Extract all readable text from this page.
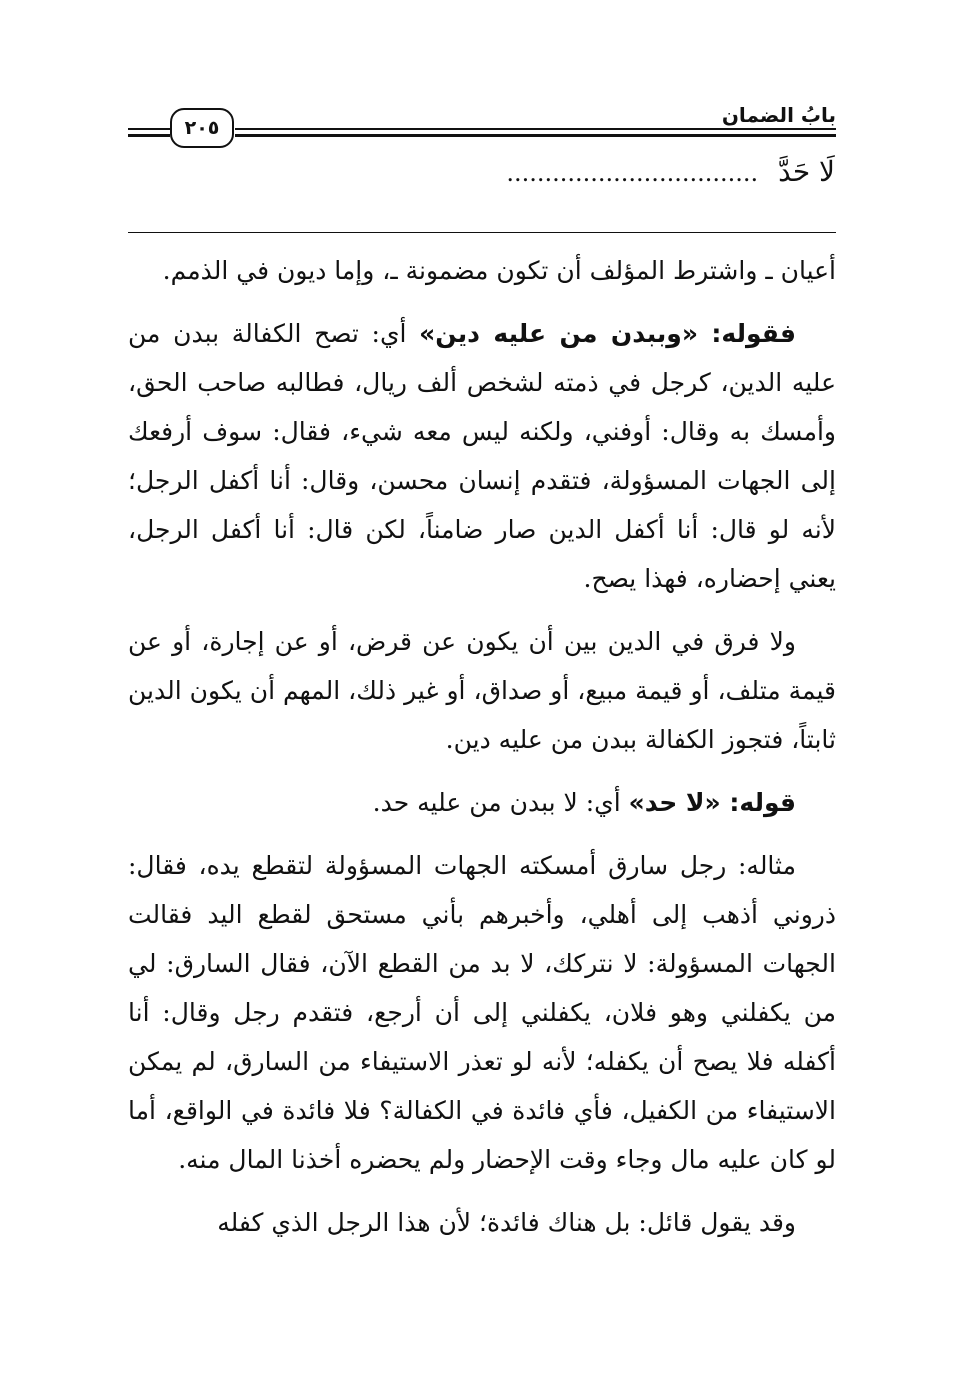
بابُ الضمان
٢٠٥
لَا حَدَّ.................................

أعيان ـ واشترط المؤلف أن تكون مضمونة ـ، وإما ديون في الذمم.

فقوله: «وببدن من عليه دين» أي: تصح الكفالة ببدن من عليه الدين، كرجل في ذمته لشخص ألف ريال، فطالبه صاحب الحق، وأمسك به وقال: أوفني، ولكنه ليس معه شيء، فقال: سوف أرفعك إلى الجهات المسؤولة، فتقدم إنسان محسن، وقال: أنا أكفل الرجل؛ لأنه لو قال: أنا أكفل الدين صار ضامناً، لكن قال: أنا أكفل الرجل، يعني إحضاره، فهذا يصح.

ولا فرق في الدين بين أن يكون عن قرض، أو عن إجارة، أو عن قيمة متلف، أو قيمة مبيع، أو صداق، أو غير ذلك، المهم أن يكون الدين ثابتاً، فتجوز الكفالة ببدن من عليه دين.

قوله: «لا حد» أي: لا ببدن من عليه حد.

مثاله: رجل سارق أمسكته الجهات المسؤولة لتقطع يده، فقال: ذروني أذهب إلى أهلي، وأخبرهم بأني مستحق لقطع اليد فقالت الجهات المسؤولة: لا نتركك، لا بد من القطع الآن، فقال السارق: لي من يكفلني وهو فلان، يكفلني إلى أن أرجع، فتقدم رجل وقال: أنا أكفله فلا يصح أن يكفله؛ لأنه لو تعذر الاستيفاء من السارق، لم يمكن الاستيفاء من الكفيل، فأي فائدة في الكفالة؟ فلا فائدة في الواقع، أما لو كان عليه مال وجاء وقت الإحضار ولم يحضره أخذنا المال منه.

وقد يقول قائل: بل هناك فائدة؛ لأن هذا الرجل الذي كفله
